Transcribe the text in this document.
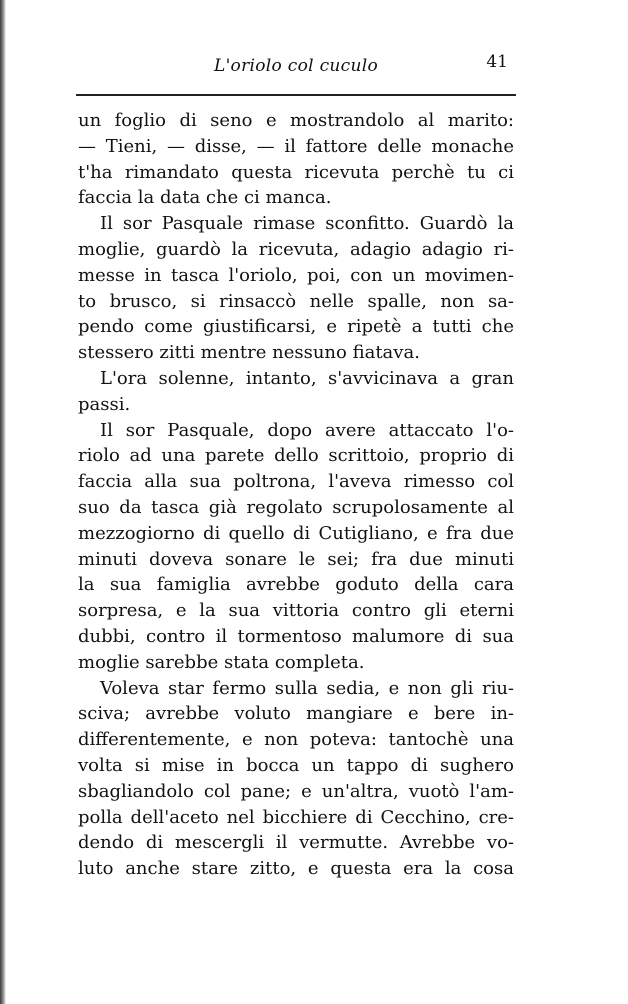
L'oriolo col cuculo	41
un foglio di seno e mostrandolo al marito:
— Tieni, — disse, — il fattore delle monache
t'ha rimandato questa ricevuta perchè tu ci
faccia la data che ci manca.
Il sor Pasquale rimase sconfitto. Guardò la
moglie, guardò la ricevuta, adagio adagio ri-
messe in tasca l'oriolo, poi, con un movimen-
to brusco, si rinsaccò nelle spalle, non sa-
pendo come giustificarsi, e ripetè a tutti che
stessero zitti mentre nessuno fiatava.
L'ora solenne, intanto, s'avvicinava a gran
passi.
Il sor Pasquale, dopo avere attaccato l'o-
riolo ad una parete dello scrittoio, proprio di
faccia alla sua poltrona, l'aveva rimesso col
suo da tasca già regolato scrupolosamente al
mezzogiorno di quello di Cutigliano, e fra due
minuti doveva sonare le sei; fra due minuti
la sua famiglia avrebbe goduto della cara
sorpresa, e la sua vittoria contro gli eterni
dubbi, contro il tormentoso malumore di sua
moglie sarebbe stata completa.
Voleva star fermo sulla sedia, e non gli riu-
sciva; avrebbe voluto mangiare e bere in-
differentemente, e non poteva: tantochè una
volta si mise in bocca un tappo di sughero
sbagliandolo col pane; e un'altra, vuotò l'am-
polla dell'aceto nel bicchiere di Cecchino, cre-
dendo di mescergli il vermutte. Avrebbe vo-
luto anche stare zitto, e questa era la cosa
